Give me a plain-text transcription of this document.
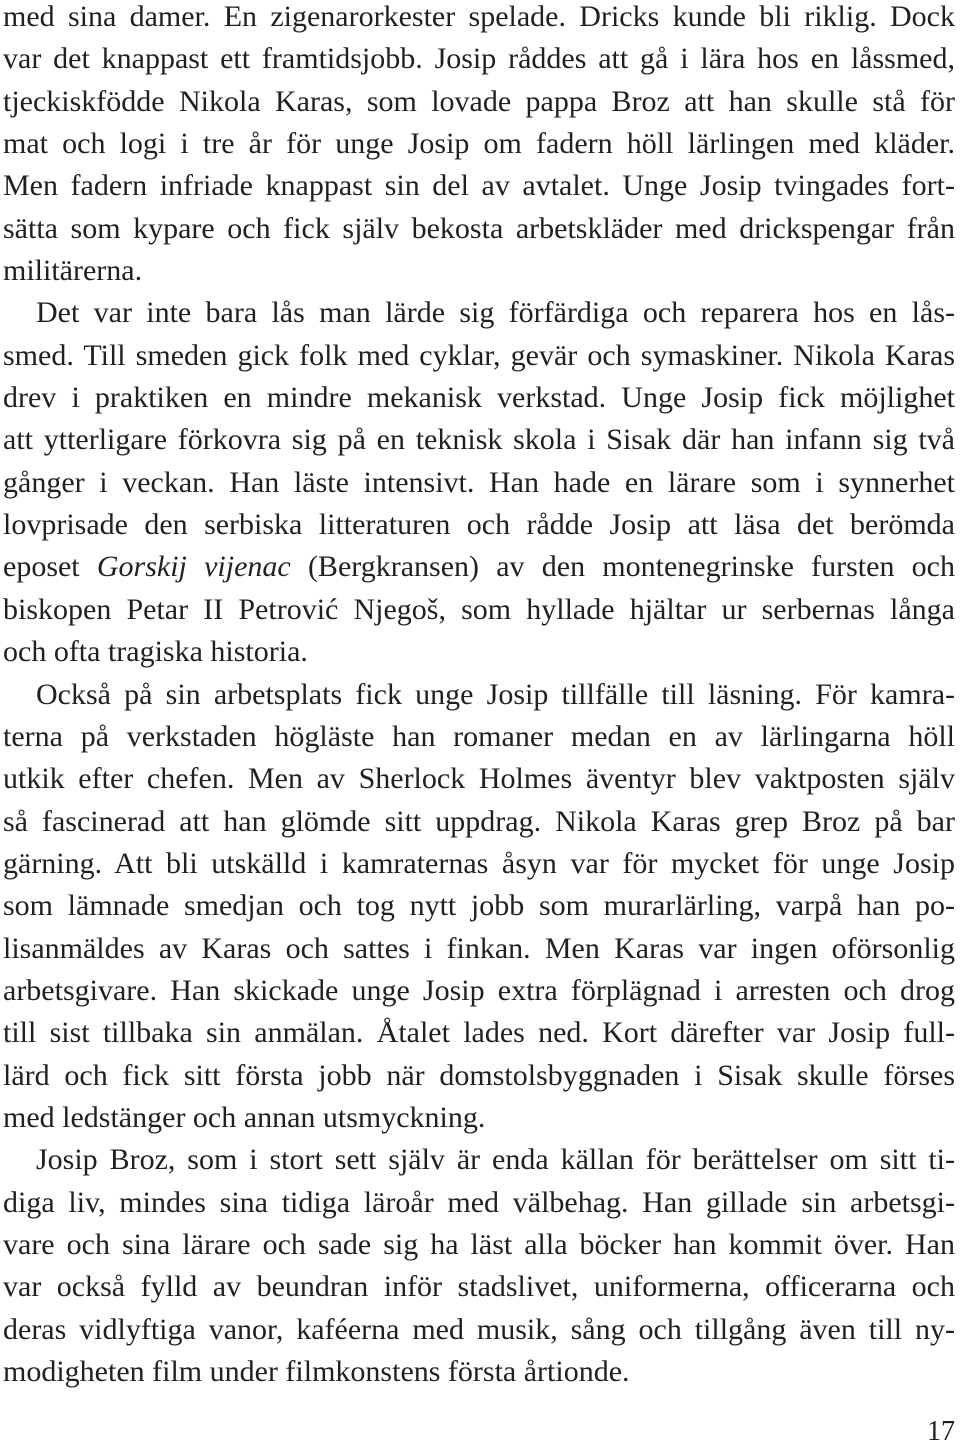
med sina damer. En zigenarorkester spelade. Dricks kunde bli riklig. Dock
var det knappast ett framtidsjobb. Josip råddes att gå i lära hos en låssmed,
tjeckiskfödde Nikola Karas, som lovade pappa Broz att han skulle stå för
mat och logi i tre år för unge Josip om fadern höll lärlingen med kläder.
Men fadern infriade knappast sin del av avtalet. Unge Josip tvingades fort-
sätta som kypare och fick själv bekosta arbetskläder med drickspengar från
militärerna.
Det var inte bara lås man lärde sig förfärdiga och reparera hos en lås-
smed. Till smeden gick folk med cyklar, gevär och symaskiner. Nikola Karas
drev i praktiken en mindre mekanisk verkstad. Unge Josip fick möjlighet
att ytterligare förkovra sig på en teknisk skola i Sisak där han infann sig två
gånger i veckan. Han läste intensivt. Han hade en lärare som i synnerhet
lovprisade den serbiska litteraturen och rådde Josip att läsa det berömda
eposet Gorskij vijenac (Bergkransen) av den montenegrinske fursten och
biskopen Petar II Petrović Njegoš, som hyllade hjältar ur serbernas långa
och ofta tragiska historia.
Också på sin arbetsplats fick unge Josip tillfälle till läsning. För kamra-
terna på verkstaden högläste han romaner medan en av lärlingarna höll
utkik efter chefen. Men av Sherlock Holmes äventyr blev vaktposten själv
så fascinerad att han glömde sitt uppdrag. Nikola Karas grep Broz på bar
gärning. Att bli utskälld i kamraternas åsyn var för mycket för unge Josip
som lämnade smedjan och tog nytt jobb som murarlärling, varpå han po-
lisanmäldes av Karas och sattes i finkan. Men Karas var ingen oförsonlig
arbetsgivare. Han skickade unge Josip extra förplägnad i arresten och drog
till sist tillbaka sin anmälan. Åtalet lades ned. Kort därefter var Josip full-
lärd och fick sitt första jobb när domstolsbyggnaden i Sisak skulle förses
med ledstänger och annan utsmyckning.
Josip Broz, som i stort sett själv är enda källan för berättelser om sitt ti-
diga liv, mindes sina tidiga läroår med välbehag. Han gillade sin arbetsgi-
vare och sina lärare och sade sig ha läst alla böcker han kommit över. Han
var också fylld av beundran inför stadslivet, uniformerna, officerarna och
deras vidlyftiga vanor, kaféerna med musik, sång och tillgång även till ny-
modigheten film under filmkonstens första årtionde.
17
